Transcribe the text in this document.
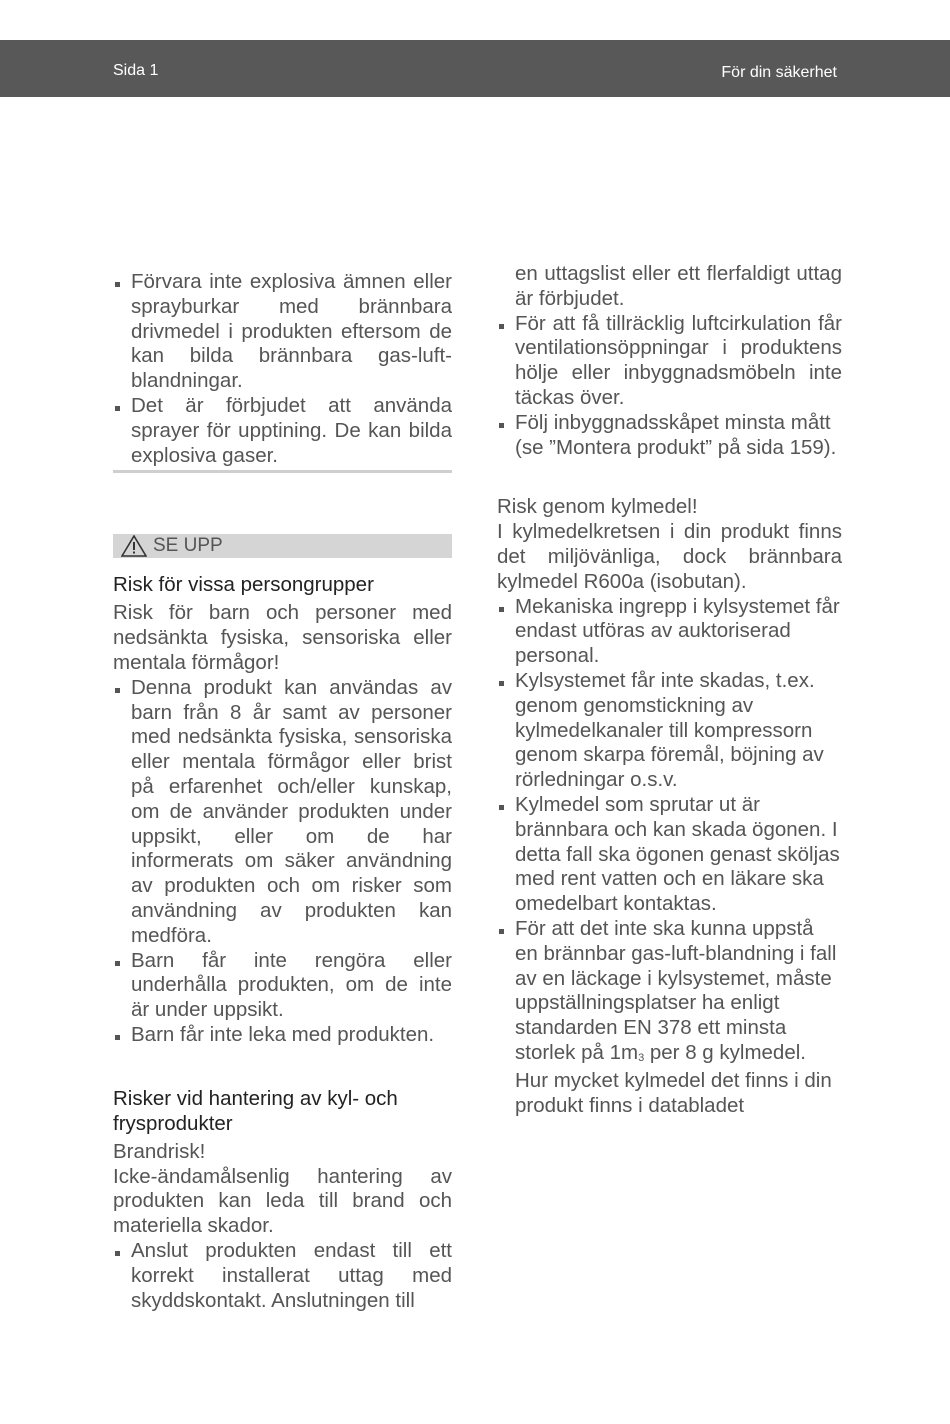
Sida 1	För din säkerhet
Förvara inte explosiva ämnen eller sprayburkar med brännbara drivmedel i produkten eftersom de kan bilda brännbara gas-luft-blandningar.
Det är förbjudet att använda sprayer för upptining. De kan bilda explosiva gaser.
SE UPP
Risk för vissa persongrupper

Risk för barn och personer med nedsänkta fysiska, sensoriska eller mentala förmågor!

Denna produkt kan användas av barn från 8 år samt av personer med nedsänkta fysiska, sensoriska eller mentala förmågor eller brist på erfarenhet och/eller kunskap, om de använder produkten under uppsikt, eller om de har informerats om säker användning av produkten och om risker som användning av produkten kan medföra.
Barn får inte rengöra eller underhålla produkten, om de inte är under uppsikt.
Barn får inte leka med produkten.
Risker vid hantering av kyl- och frysprodukter

Brandrisk!

Icke-ändamålsenlig hantering av produkten kan leda till brand och materiella skador.

Anslut produkten endast till ett korrekt installerat uttag med skyddskontakt. Anslutningen till

en uttagslist eller ett flerfaldigt uttag är förbjudet.

För att få tillräcklig luftcirkulation får ventilationsöppningar i produktens hölje eller inbyggnadsmöbeln inte täckas över.
Följ inbyggnadsskåpet minsta mått (se ”Montera produkt” på sida 159).

Risk genom kylmedel!

I kylmedelkretsen i din produkt finns det miljövänliga, dock brännbara kylmedel R600a (isobutan).

Mekaniska ingrepp i kylsystemet får endast utföras av auktoriserad personal.
Kylsystemet får inte skadas, t.ex. genom genomstickning av kylmedelkanaler till kompressorn genom skarpa föremål, böjning av rörledningar o.s.v.
Kylmedel som sprutar ut är brännbara och kan skada ögonen. I detta fall ska ögonen genast sköljas med rent vatten och en läkare ska omedelbart kontaktas.
För att det inte ska kunna uppstå en brännbar gas-luft-blandning i fall av en läckage i kylsystemet, måste uppställningsplatser ha enligt standarden EN 378 ett minsta storlek på $1m_3$ per 8 g kylmedel. Hur mycket kylmedel det finns i din produkt finns i databladet
